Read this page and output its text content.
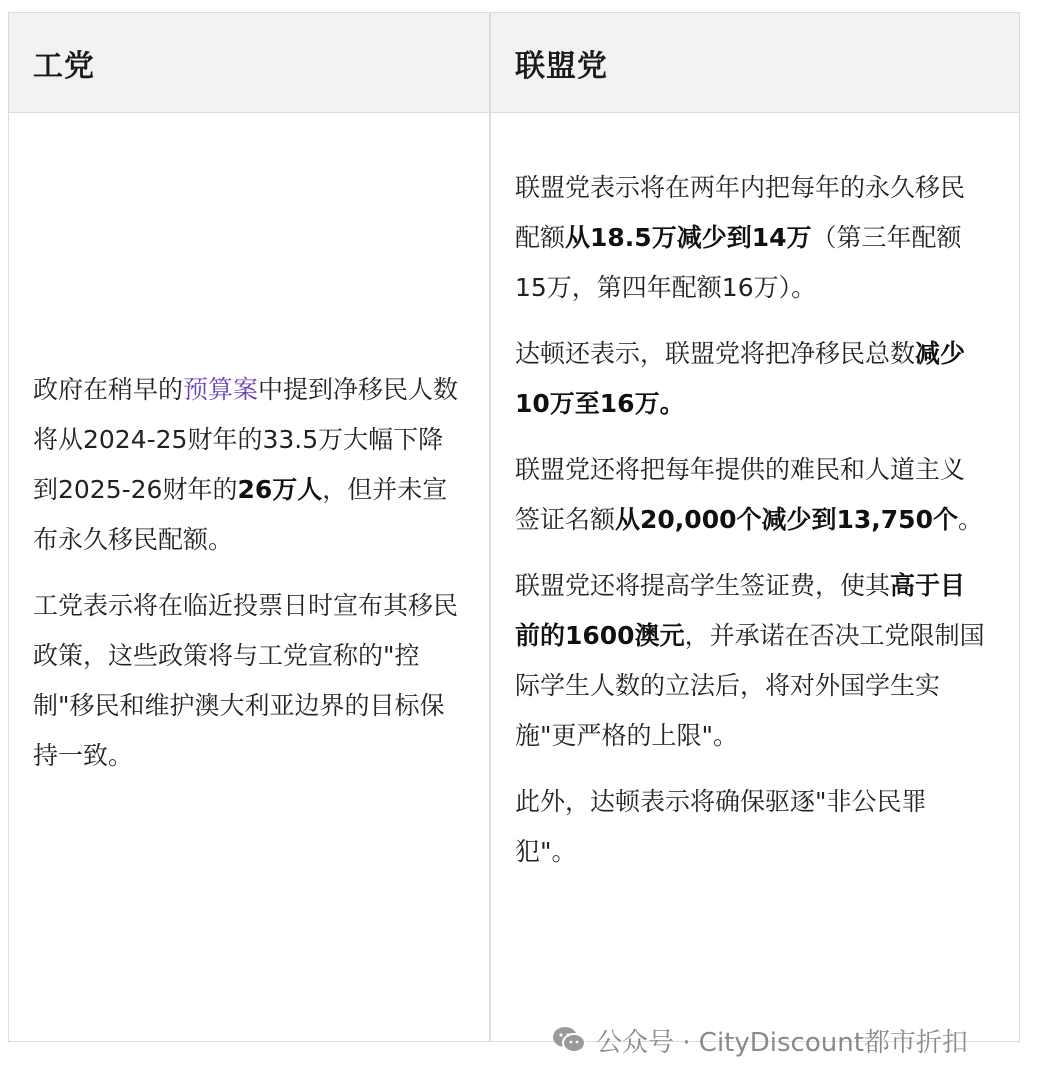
工党	联盟党

政府在稍早的预算案中提到净移民人数将从2024-25财年的33.5万大幅下降到2025-26财年的26万人，但并未宣布永久移民配额。

工党表示将在临近投票日时宣布其移民政策，这些政策将与工党宣称的"控制"移民和维护澳大利亚边界的目标保持一致。

联盟党表示将在两年内把每年的永久移民配额从18.5万减少到14万（第三年配额15万，第四年配额16万）。

达顿还表示，联盟党将把净移民总数减少10万至16万。

联盟党还将把每年提供的难民和人道主义签证名额从20,000个减少到13,750个。

联盟党还将提高学生签证费，使其高于目前的1600澳元，并承诺在否决工党限制国际学生人数的立法后，将对外国学生实施"更严格的上限"。

此外，达顿表示将确保驱逐"非公民罪犯"。

公众号 · CityDiscount都市折扣
